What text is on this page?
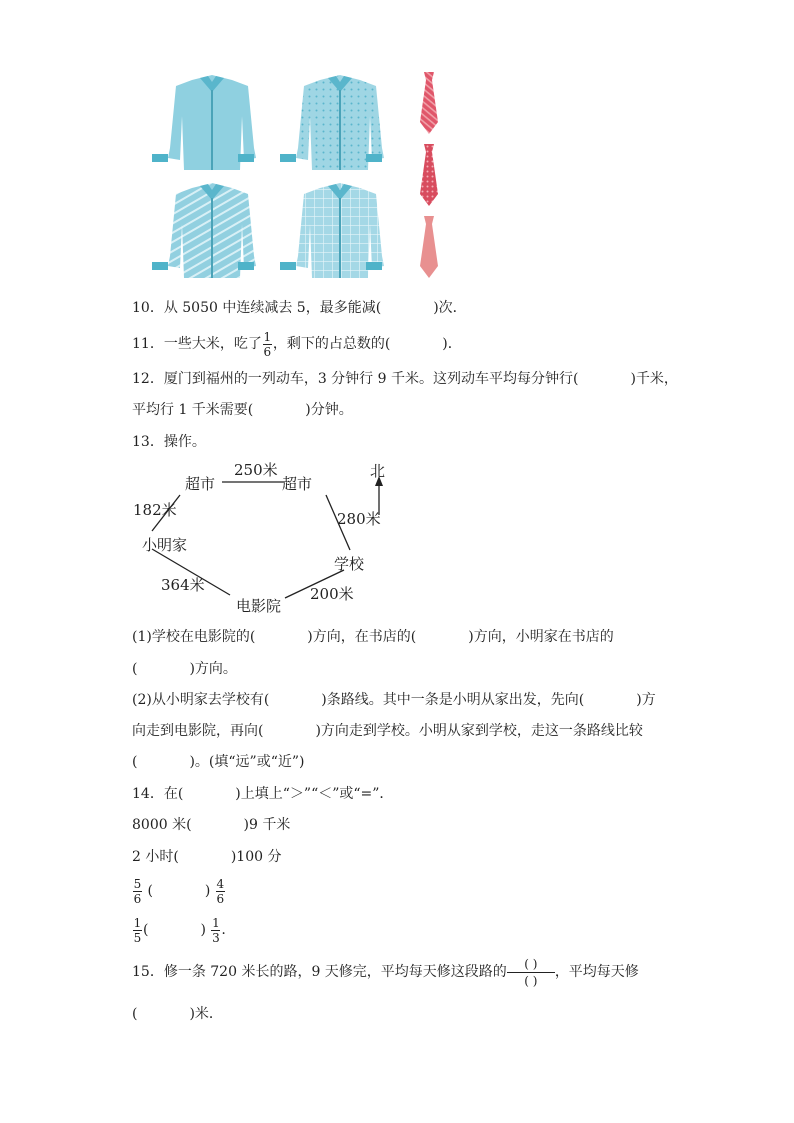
10．从 5050 中连续减去 5，最多能减(	)次．
11．一些大米，吃了 $\frac{1}{6}$ ，剩下的占总数的(	)．
12．厦门到福州的一列动车，3 分钟行 9 千米。这列动车平均每分钟行(	)千米，
平均行 1 千米需要(	)分钟。
13．操作。
超市
250米
超市
北
182米	280米
小明家
学校
364米	200米
电影院
(1)学校在电影院的(	)方向，在书店的(	)方向，小明家在书店的
(	)方向。
(2)从小明家去学校有(	)条路线。其中一条是小明从家出发，先向(	)方
向走到电影院，再向(	)方向走到学校。小明从家到学校，走这一条路线比较
(	)。(填“远”或“近”)
14．在(	)上填上“＞”“＜”或“=”．
8000 米(	)9 千米
2 小时(	)100 分
$\frac{5}{6}$ (	) $\frac{4}{6}$
$\frac{1}{5}$ (	) $\frac{1}{3}$ .
15．修一条 720 米长的路，9 天修完，平均每天修这段路的 $\frac{( )}{( )}$ ，平均每天修
(	)米．
